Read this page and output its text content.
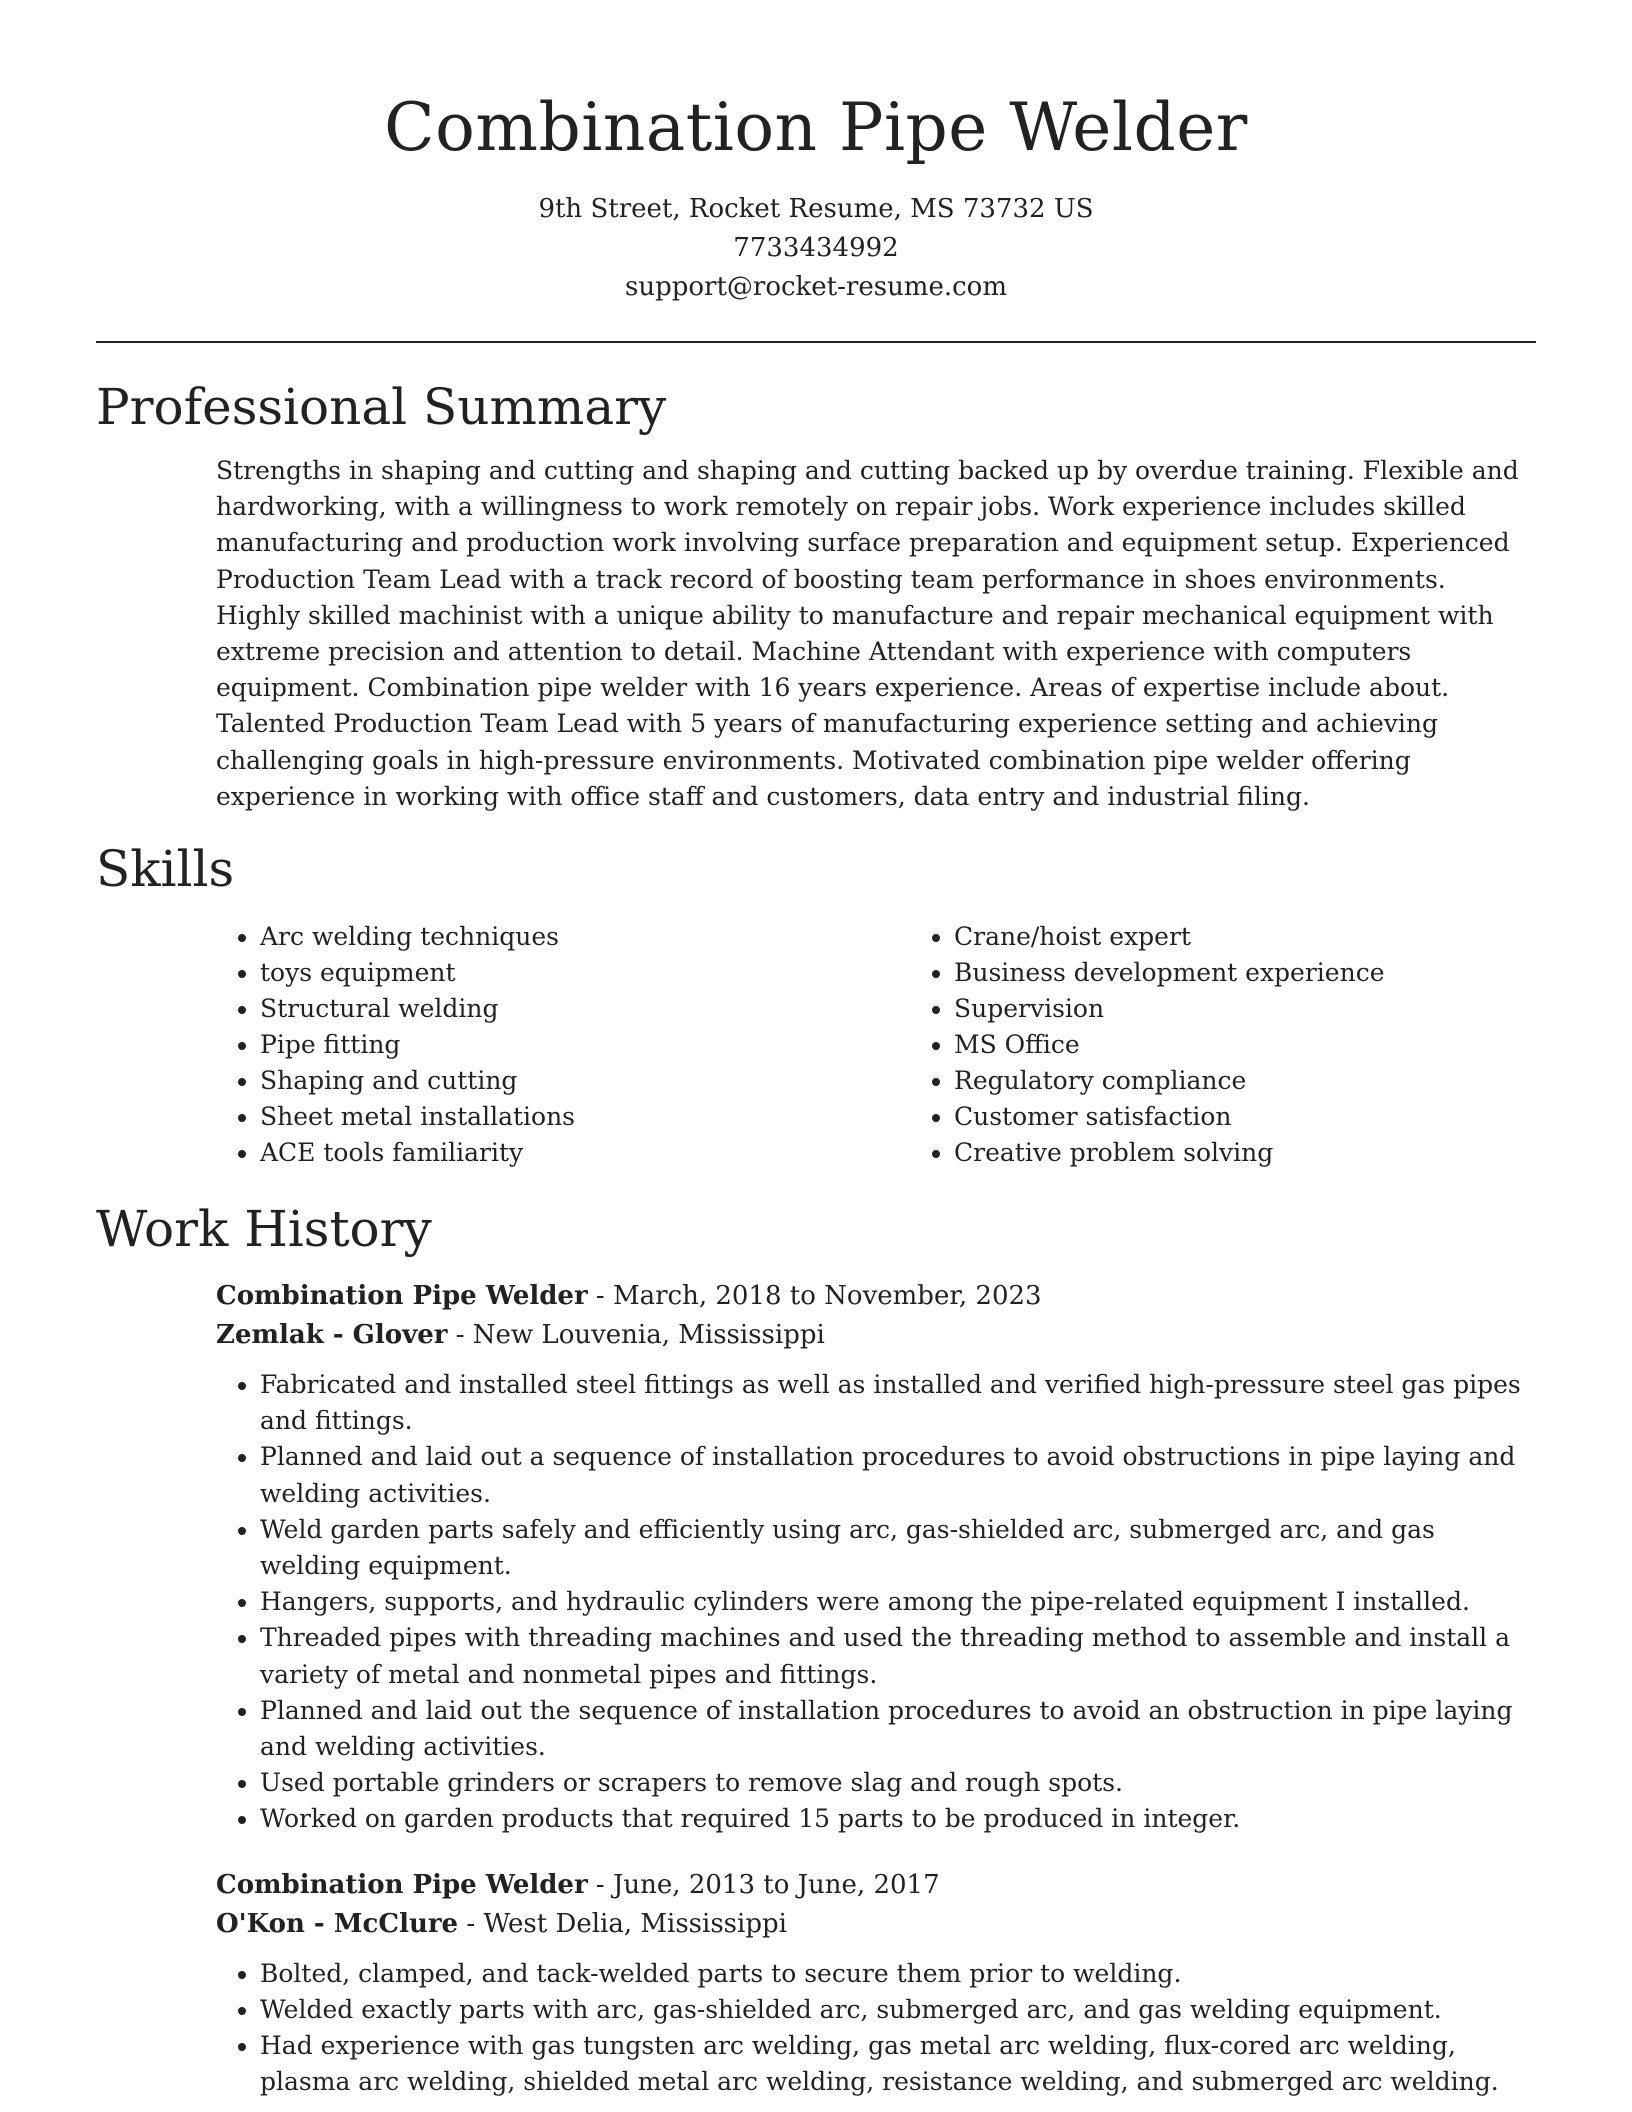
Combination Pipe Welder
9th Street, Rocket Resume, MS 73732 US
7733434992
support@rocket-resume.com
Professional Summary

Strengths in shaping and cutting and shaping and cutting backed up by overdue training. Flexible and hardworking, with a willingness to work remotely on repair jobs. Work experience includes skilled manufacturing and production work involving surface preparation and equipment setup. Experienced Production Team Lead with a track record of boosting team performance in shoes environments. Highly skilled machinist with a unique ability to manufacture and repair mechanical equipment with extreme precision and attention to detail. Machine Attendant with experience with computers equipment. Combination pipe welder with 16 years experience. Areas of expertise include about. Talented Production Team Lead with 5 years of manufacturing experience setting and achieving challenging goals in high-pressure environments. Motivated combination pipe welder offering experience in working with office staff and customers, data entry and industrial filing.

Skills
• Arc welding techniques
• toys equipment
• Structural welding
• Pipe fitting
• Shaping and cutting
• Sheet metal installations
• ACE tools familiarity
• Crane/hoist expert
• Business development experience
• Supervision
• MS Office
• Regulatory compliance
• Customer satisfaction
• Creative problem solving
Work History
Combination Pipe Welder - March, 2018 to November, 2023
Zemlak - Glover - New Louvenia, Mississippi
• Fabricated and installed steel fittings as well as installed and verified high-pressure steel gas pipes and fittings.
• Planned and laid out a sequence of installation procedures to avoid obstructions in pipe laying and welding activities.
• Weld garden parts safely and efficiently using arc, gas-shielded arc, submerged arc, and gas welding equipment.
• Hangers, supports, and hydraulic cylinders were among the pipe-related equipment I installed.
• Threaded pipes with threading machines and used the threading method to assemble and install a variety of metal and nonmetal pipes and fittings.
• Planned and laid out the sequence of installation procedures to avoid an obstruction in pipe laying and welding activities.
• Used portable grinders or scrapers to remove slag and rough spots.
• Worked on garden products that required 15 parts to be produced in integer.
Combination Pipe Welder - June, 2013 to June, 2017
O'Kon - McClure - West Delia, Mississippi
• Bolted, clamped, and tack-welded parts to secure them prior to welding.
• Welded exactly parts with arc, gas-shielded arc, submerged arc, and gas welding equipment.
• Had experience with gas tungsten arc welding, gas metal arc welding, flux-cored arc welding, plasma arc welding, shielded metal arc welding, resistance welding, and submerged arc welding.
